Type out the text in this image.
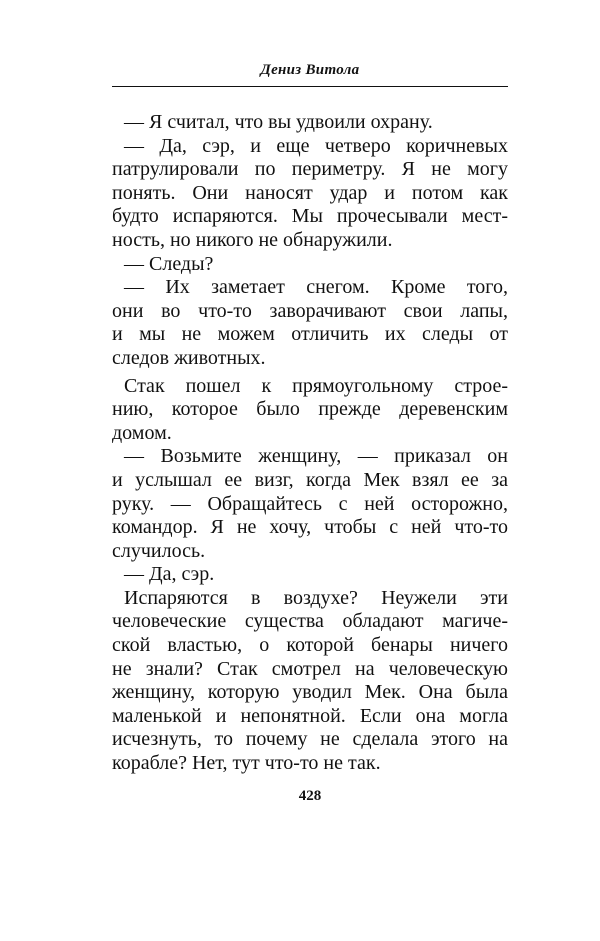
Дениз Витола
— Я считал, что вы удвоили охрану.
— Да, сэр, и еще четверо коричневых
патрулировали по периметру. Я не могу
понять. Они наносят удар и потом как
будто испаряются. Мы прочесывали мест-
ность, но никого не обнаружили.
— Следы?
— Их заметает снегом. Кроме того,
они во что-то заворачивают свои лапы,
и мы не можем отличить их следы от
следов животных.
Стак пошел к прямоугольному строе-
нию, которое было прежде деревенским
домом.
— Возьмите женщину, — приказал он
и услышал ее визг, когда Мек взял ее за
руку. — Обращайтесь с ней осторожно,
командор. Я не хочу, чтобы с ней что-то
случилось.
— Да, сэр.
Испаряются в воздухе? Неужели эти
человеческие существа обладают магиче-
ской властью, о которой бенары ничего
не знали? Стак смотрел на человеческую
женщину, которую уводил Мек. Она была
маленькой и непонятной. Если она могла
исчезнуть, то почему не сделала этого на
корабле? Нет, тут что-то не так.
428
